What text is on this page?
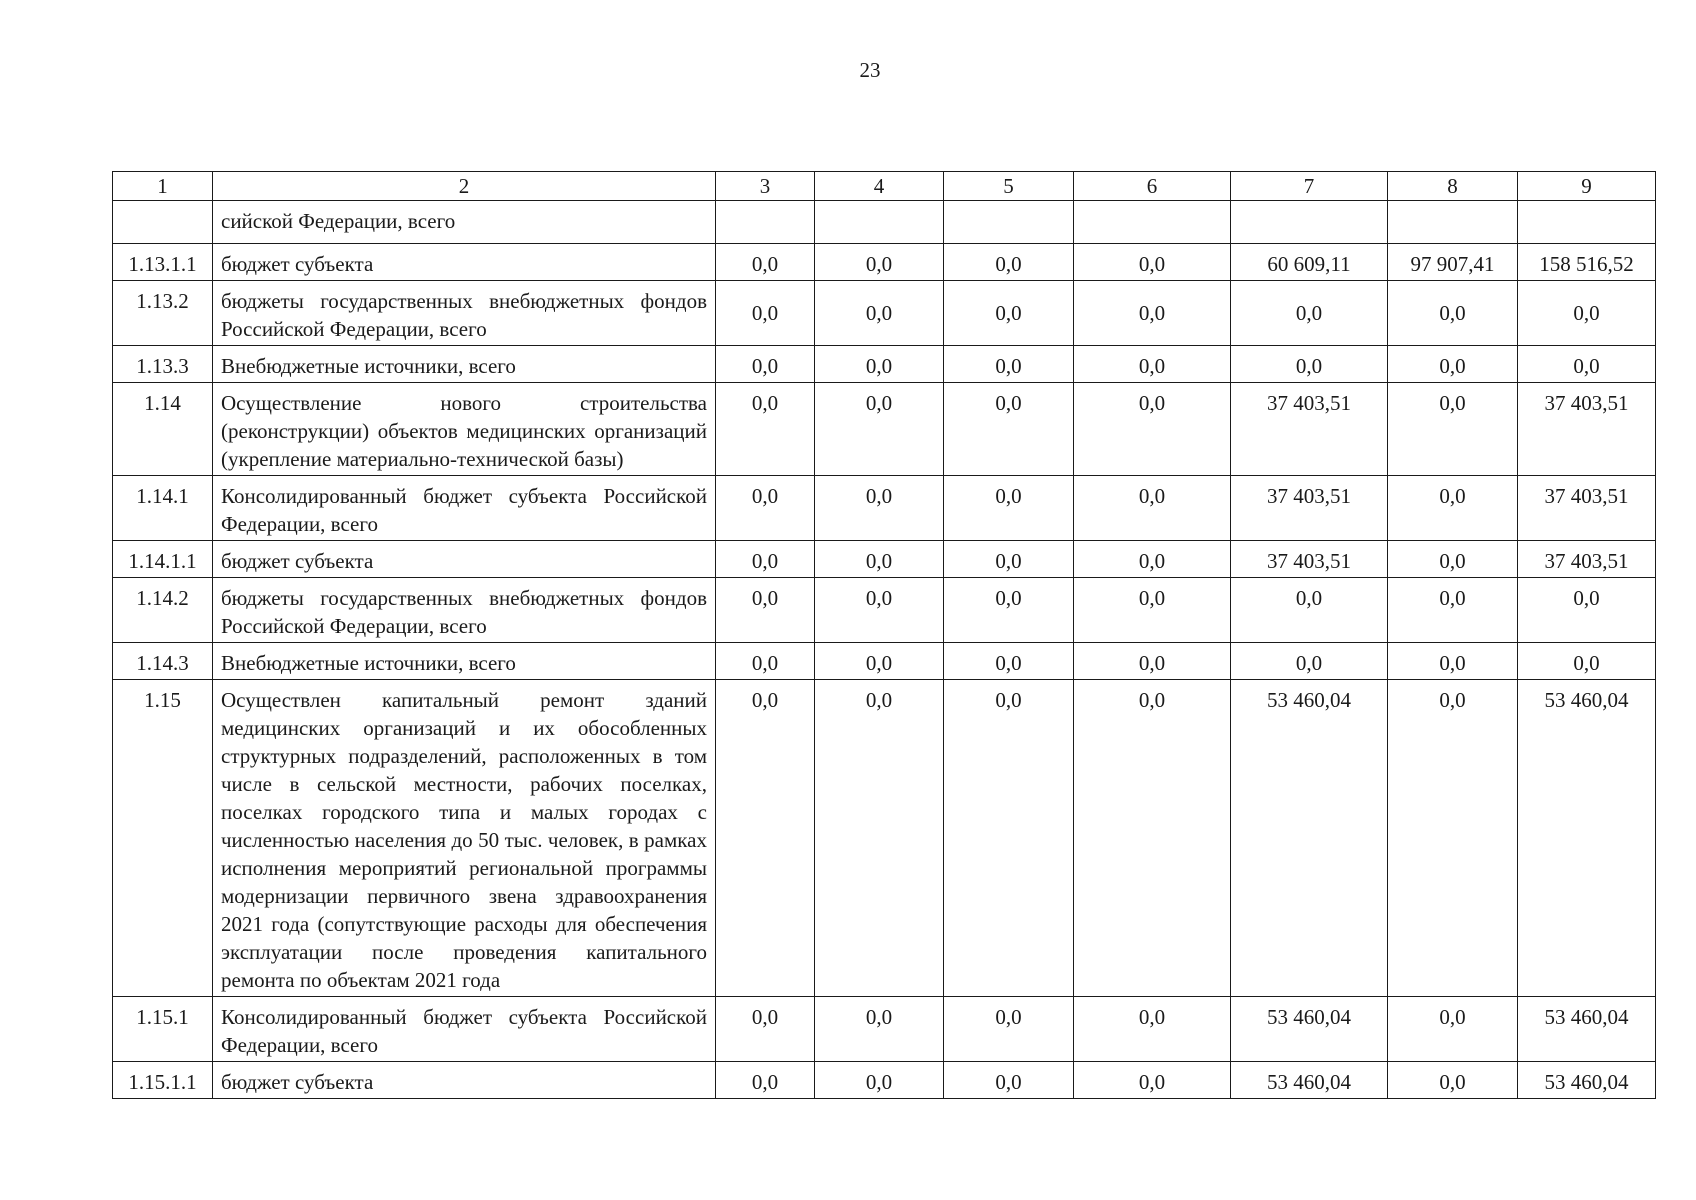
23
1	2	3	4	5	6	7	8	9
	сийской Федерации, всего							
1.13.1.1	бюджет субъекта	0,0	0,0	0,0	0,0	60 609,11	97 907,41	158 516,52
1.13.2	бюджеты государственных внебюджетных фондов Российской Федерации, всего	0,0	0,0	0,0	0,0	0,0	0,0	0,0
1.13.3	Внебюджетные источники, всего	0,0	0,0	0,0	0,0	0,0	0,0	0,0
1.14	Осуществление нового строительства (реконструкции) объектов медицинских организаций (укрепление материально-технической базы)	0,0	0,0	0,0	0,0	37 403,51	0,0	37 403,51
1.14.1	Консолидированный бюджет субъекта Российской Федерации, всего	0,0	0,0	0,0	0,0	37 403,51	0,0	37 403,51
1.14.1.1	бюджет субъекта	0,0	0,0	0,0	0,0	37 403,51	0,0	37 403,51
1.14.2	бюджеты государственных внебюджетных фондов Российской Федерации, всего	0,0	0,0	0,0	0,0	0,0	0,0	0,0
1.14.3	Внебюджетные источники, всего	0,0	0,0	0,0	0,0	0,0	0,0	0,0
1.15	Осуществлен капитальный ремонт зданий медицинских организаций и их обособленных структурных подразделений, расположенных в том числе в сельской местности, рабочих поселках, поселках городского типа и малых городах с численностью населения до 50 тыс. человек, в рамках исполнения мероприятий региональной программы модернизации первичного звена здравоохранения 2021 года (сопутствующие расходы для обеспечения эксплуатации после проведения капитального ремонта по объектам 2021 года	0,0	0,0	0,0	0,0	53 460,04	0,0	53 460,04
1.15.1	Консолидированный бюджет субъекта Российской Федерации, всего	0,0	0,0	0,0	0,0	53 460,04	0,0	53 460,04
1.15.1.1	бюджет субъекта	0,0	0,0	0,0	0,0	53 460,04	0,0	53 460,04
